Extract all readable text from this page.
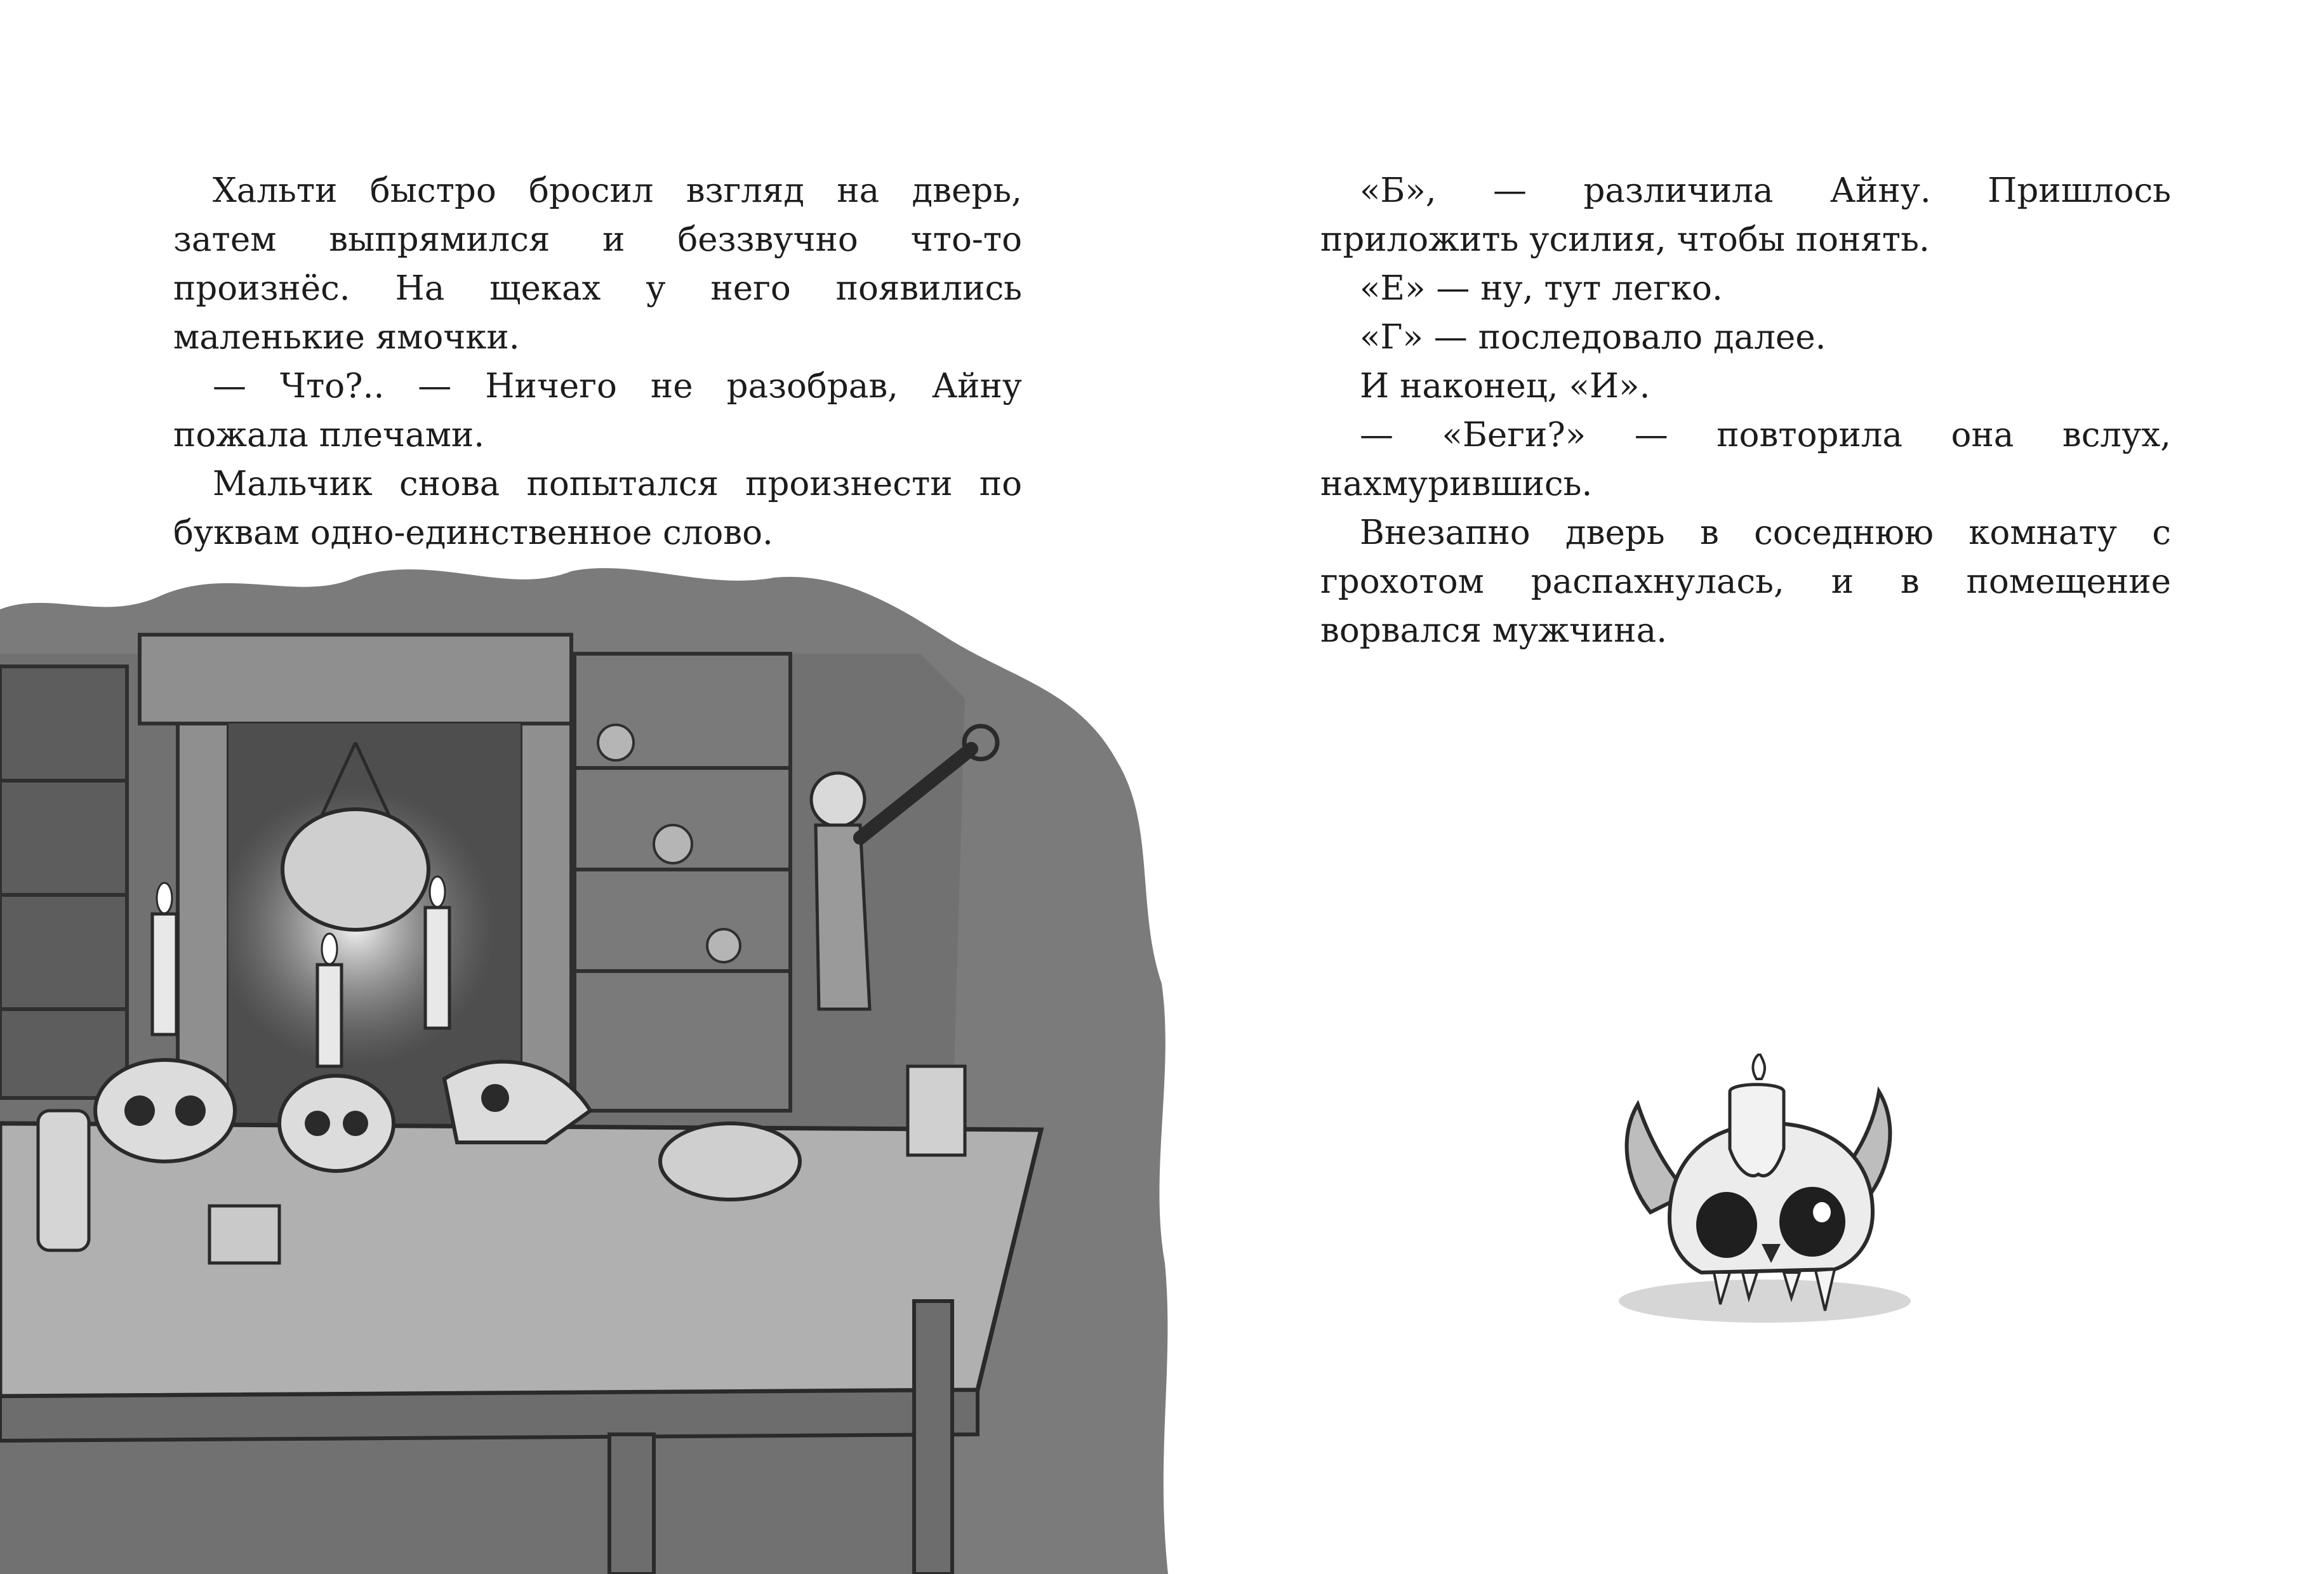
Хальти быстро бросил взгляд на дверь, затем выпрямился и беззвучно что-то произнёс. На щеках у него появились маленькие ямочки.

— Что?.. — Ничего не разобрав, Айну пожала плечами.

Мальчик снова попытался произнести по буквам одно-единственное слово.

«Б», — различила Айну. Пришлось приложить усилия, чтобы понять.

«Е» — ну, тут легко.

«Г» — последовало далее.

И наконец, «И».

— «Беги?» — повторила она вслух, нахмурившись.

Внезапно дверь в соседнюю комнату с грохотом распахнулась, и в помещение ворвался мужчина.
